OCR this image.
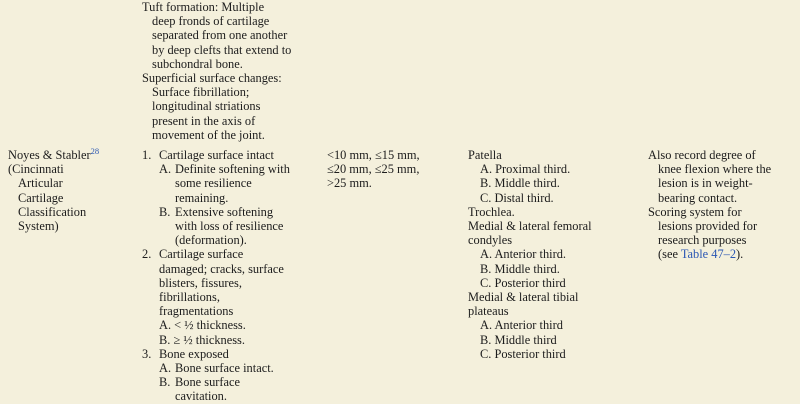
Tuft formation: Multiple
deep fronds of cartilage
separated from one another
by deep clefts that extend to
subchondral bone.
Superficial surface changes:
Surface fibrillation;
longitudinal striations
present in the axis of
movement of the joint.
Noyes & Stabler$^{28}$
(Cincinnati
Articular
Cartilage
Classification
System)
1. Cartilage surface intact
A. Definite softening with
some resilience
remaining.
B. Extensive softening
with loss of resilience
(deformation).
2. Cartilage surface
damaged; cracks, surface
blisters, fissures,
fibrillations,
fragmentations
A. < ½ thickness.
B. ≥ ½ thickness.
3. Bone exposed
A. Bone surface intact.
B. Bone surface
cavitation.
<10 mm, ≤15 mm,
≤20 mm, ≤25 mm,
>25 mm.
Patella
A. Proximal third.
B. Middle third.
C. Distal third.
Trochlea.
Medial & lateral femoral
condyles
A. Anterior third.
B. Middle third.
C. Posterior third
Medial & lateral tibial
plateaus
A. Anterior third
B. Middle third
C. Posterior third
Also record degree of
knee flexion where the
lesion is in weight-
bearing contact.
Scoring system for
lesions provided for
research purposes
(see Table 47–2).
